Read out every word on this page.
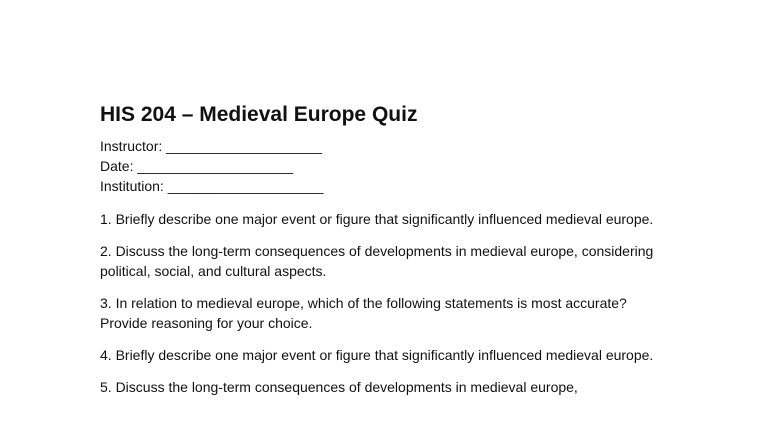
HIS 204 – Medieval Europe Quiz
Instructor: ____________________
Date: ____________________
Institution: ____________________

1. Briefly describe one major event or figure that significantly influenced medieval europe.

2. Discuss the long-term consequences of developments in medieval europe, considering political, social, and cultural aspects.

3. In relation to medieval europe, which of the following statements is most accurate? Provide reasoning for your choice.

4. Briefly describe one major event or figure that significantly influenced medieval europe.

5. Discuss the long-term consequences of developments in medieval europe,
